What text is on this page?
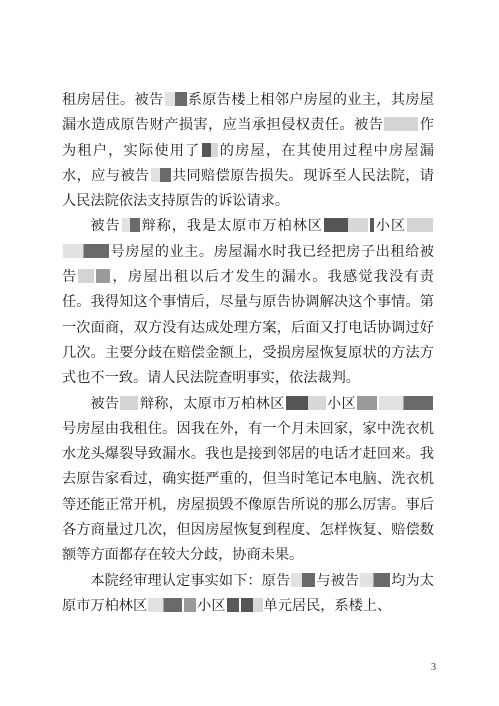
租房居住。被告 系原告楼上相邻户房屋的业主，其房屋漏水造成原告财产损害，应当承担侵权责任。被告	作为租户，实际使用了 的房屋，在其使用过程中房屋漏水，应与被告 共同赔偿原告损失。现诉至人民法院，请人民法院依法支持原告的诉讼请求。

被告 辩称，我是太原市万柏林区	小区号房屋的业主。房屋漏水时我已经把房子出租给被告 ，房屋出租以后才发生的漏水。我感觉我没有责任。我得知这个事情后，尽量与原告协调解决这个事情。第一次面商，双方没有达成处理方案，后面又打电话协调过好几次。主要分歧在赔偿金额上，受损房屋恢复原状的方法方式也不一致。请人民法院查明事实，依法裁判。

被告 辩称，太原市万柏林区	小区号房屋由我租住。因我在外，有一个月未回家，家中洗衣机水龙头爆裂导致漏水。我也是接到邻居的电话才赶回来。我去原告家看过，确实挺严重的，但当时笔记本电脑、洗衣机等还能正常开机，房屋损毁不像原告所说的那么厉害。事后各方商量过几次，但因房屋恢复到程度、怎样恢复、赔偿数额等方面都存在较大分歧，协商未果。

本院经审理认定事实如下：原告 与被告 均为太原市万柏林区	小区	单元居民，系楼上、

3
